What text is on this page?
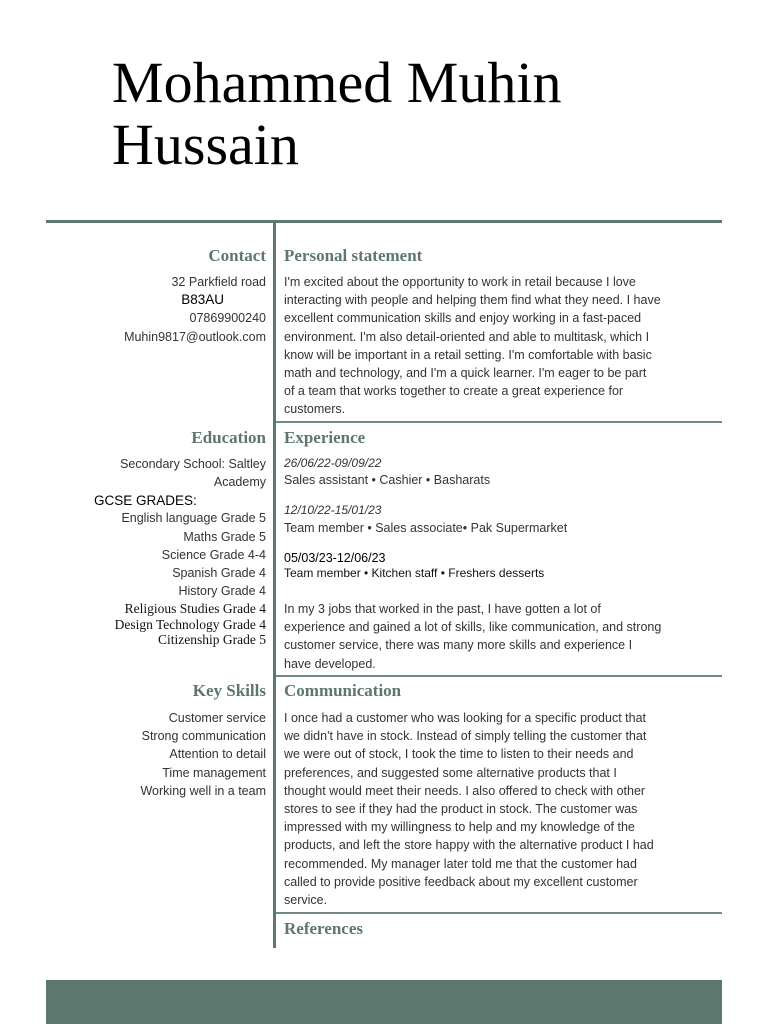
Mohammed Muhin
Hussain
Contact
32 Parkfield road
B83AU
07869900240
Muhin9817@outlook.com
Personal statement
I'm excited about the opportunity to work in retail because I love
interacting with people and helping them find what they need. I have
excellent communication skills and enjoy working in a fast-paced
environment. I'm also detail-oriented and able to multitask, which I
know will be important in a retail setting. I'm comfortable with basic
math and technology, and I'm a quick learner. I'm eager to be part
of a team that works together to create a great experience for
customers.
Education
Secondary School: Saltley
Academy
GCSE GRADES:
English language Grade 5
Maths Grade 5
Science Grade 4-4
Spanish Grade 4
History Grade 4
Religious Studies Grade 4
Design Technology Grade 4
Citizenship Grade 5
Experience
26/06/22-09/09/22
Sales assistant • Cashier • Basharats
12/10/22-15/01/23
Team member • Sales associate• Pak Supermarket
05/03/23-12/06/23
Team member • Kitchen staff • Freshers desserts
In my 3 jobs that worked in the past, I have gotten a lot of
experience and gained a lot of skills, like communication, and strong
customer service, there was many more skills and experience I
have developed.
Key Skills
Customer service
Strong communication
Attention to detail
Time management
Working well in a team
Communication
I once had a customer who was looking for a specific product that
we didn't have in stock. Instead of simply telling the customer that
we were out of stock, I took the time to listen to their needs and
preferences, and suggested some alternative products that I
thought would meet their needs. I also offered to check with other
stores to see if they had the product in stock. The customer was
impressed with my willingness to help and my knowledge of the
products, and left the store happy with the alternative product I had
recommended. My manager later told me that the customer had
called to provide positive feedback about my excellent customer
service.
References
